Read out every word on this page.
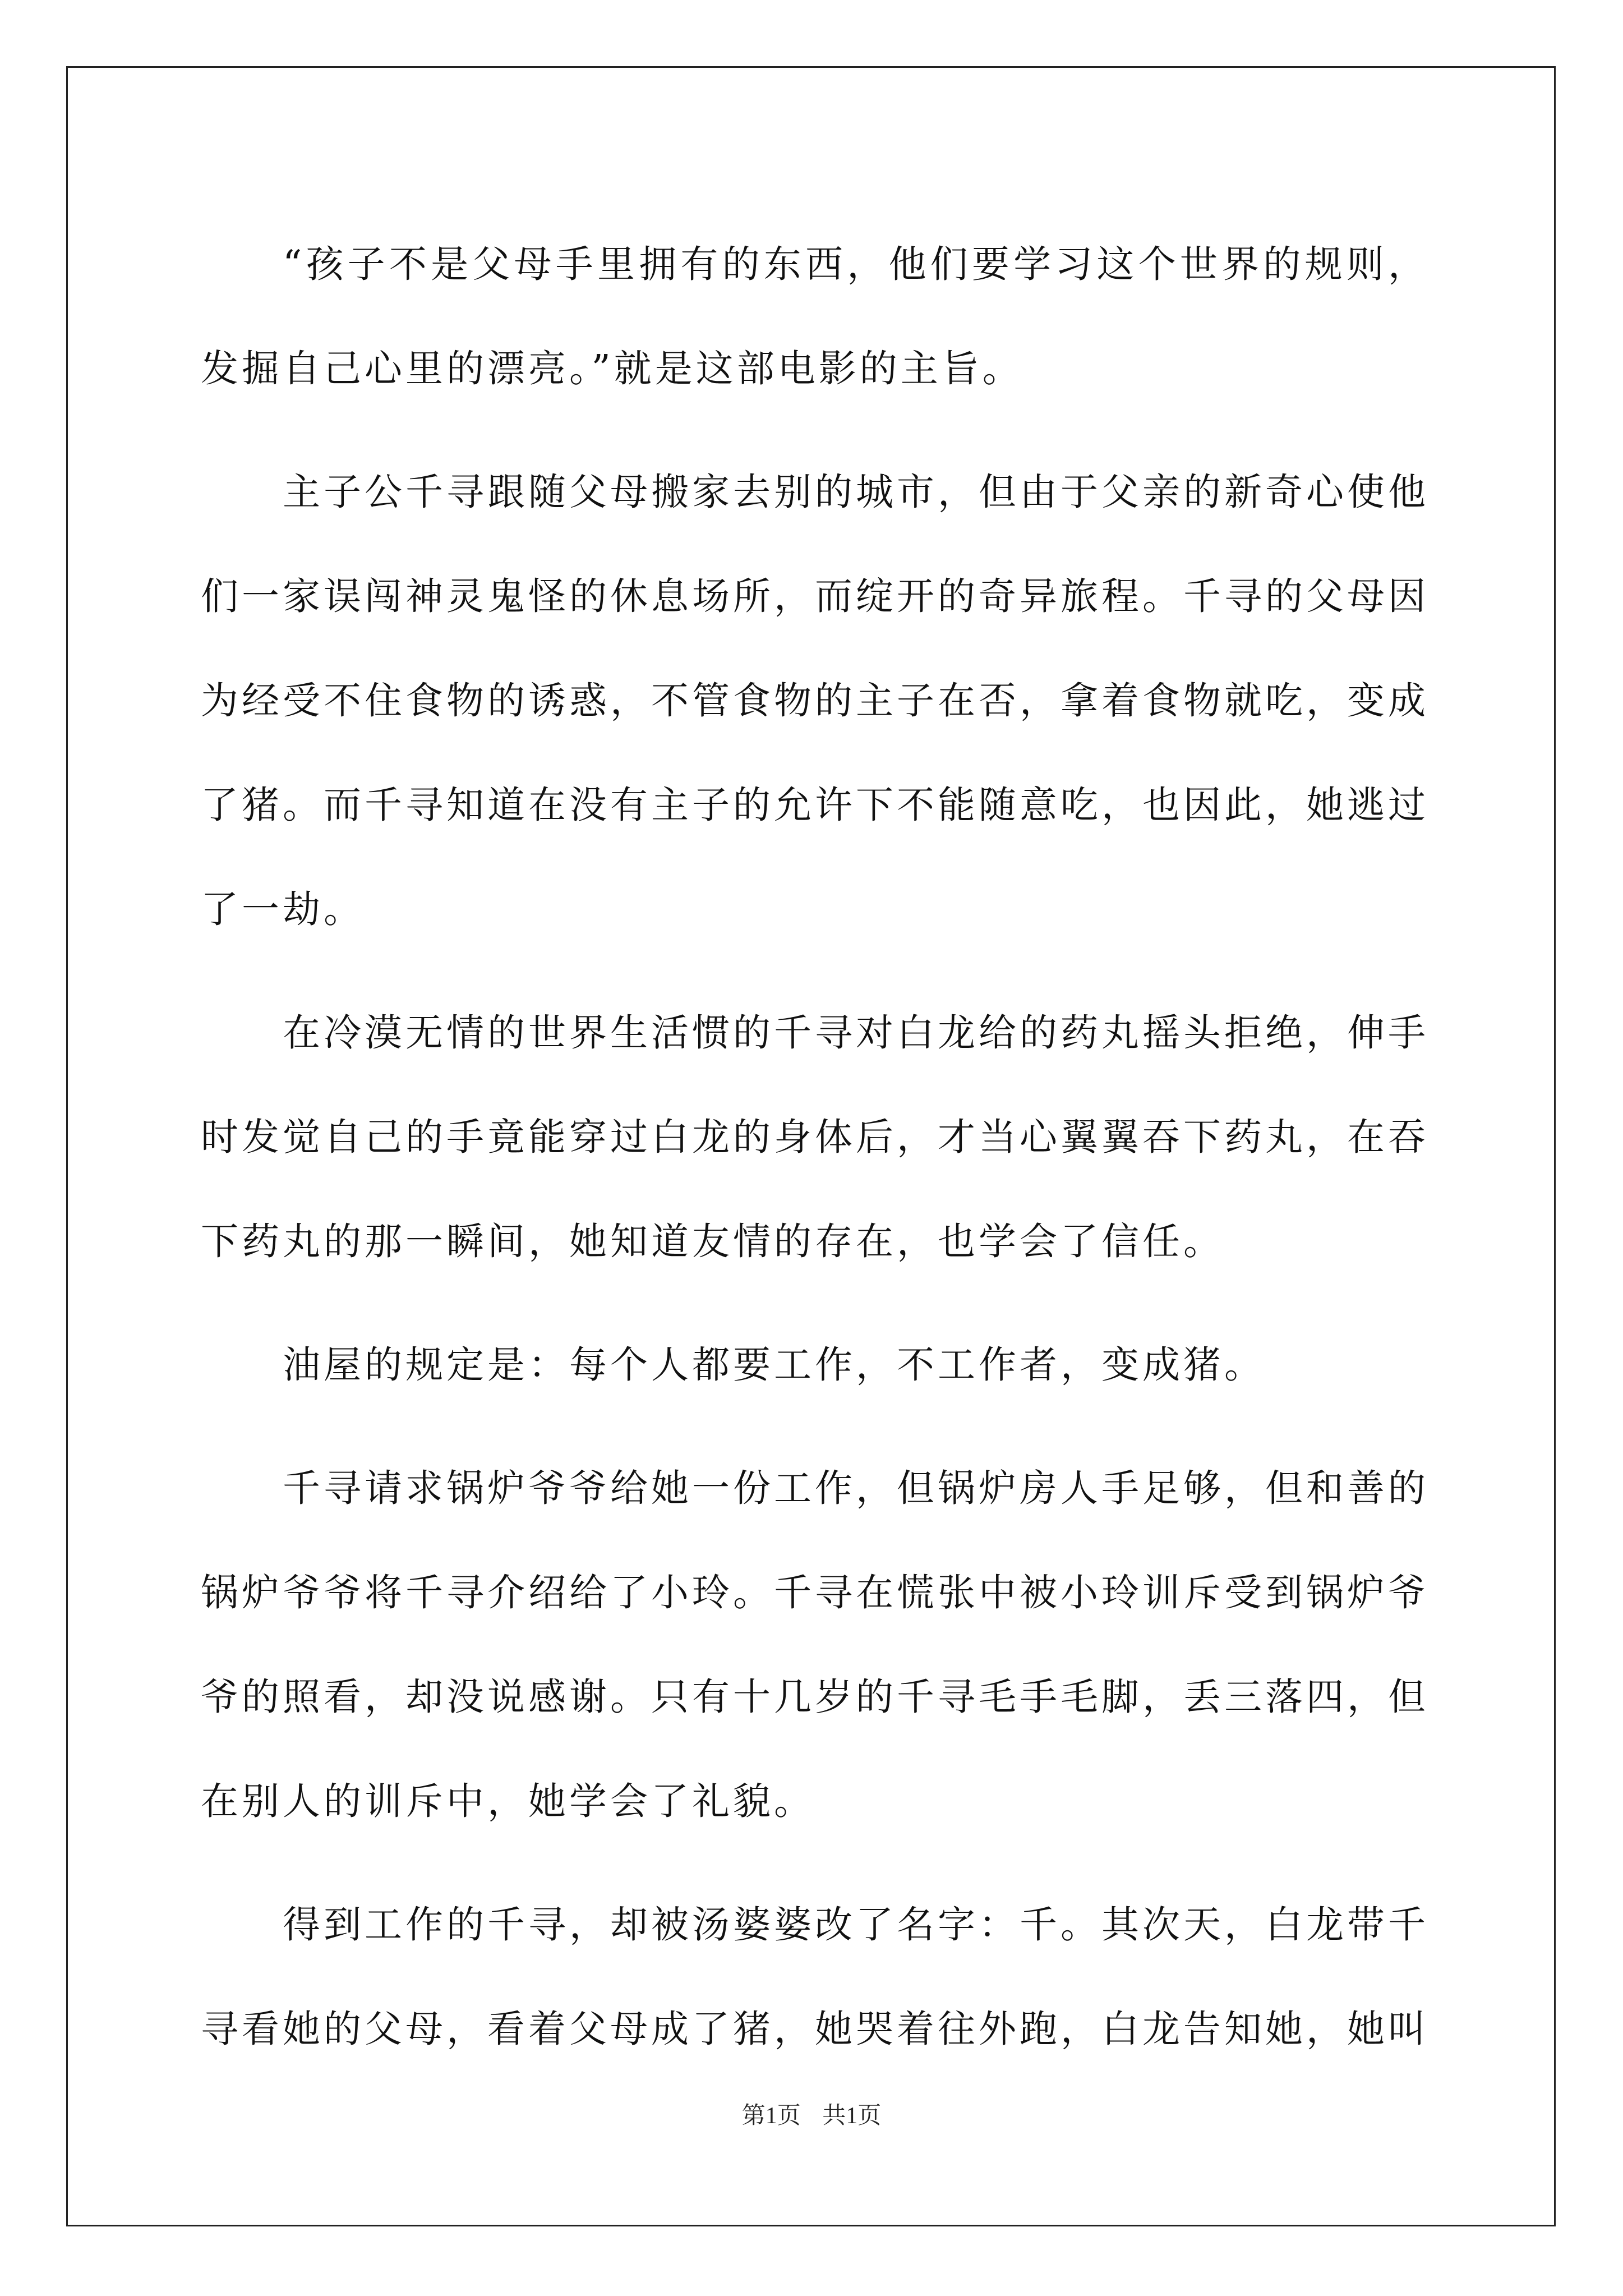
“孩子不是父母手里拥有的东西，他们要学习这个世界的规则，发掘自己心里的漂亮。”就是这部电影的主旨。

主子公千寻跟随父母搬家去别的城市，但由于父亲的新奇心使他们一家误闯神灵鬼怪的休息场所，而绽开的奇异旅程。千寻的父母因为经受不住食物的诱惑，不管食物的主子在否，拿着食物就吃，变成了猪。而千寻知道在没有主子的允许下不能随意吃，也因此，她逃过了一劫。

在冷漠无情的世界生活惯的千寻对白龙给的药丸摇头拒绝，伸手时发觉自己的手竟能穿过白龙的身体后，才当心翼翼吞下药丸，在吞下药丸的那一瞬间，她知道友情的存在，也学会了信任。

油屋的规定是：每个人都要工作，不工作者，变成猪。

千寻请求锅炉爷爷给她一份工作，但锅炉房人手足够，但和善的锅炉爷爷将千寻介绍给了小玲。千寻在慌张中被小玲训斥受到锅炉爷爷的照看，却没说感谢。只有十几岁的千寻毛手毛脚，丢三落四，但在别人的训斥中，她学会了礼貌。

得到工作的千寻，却被汤婆婆改了名字：千。其次天，白龙带千寻看她的父母，看着父母成了猪，她哭着往外跑，白龙告知她，她叫

第1页 共1页
